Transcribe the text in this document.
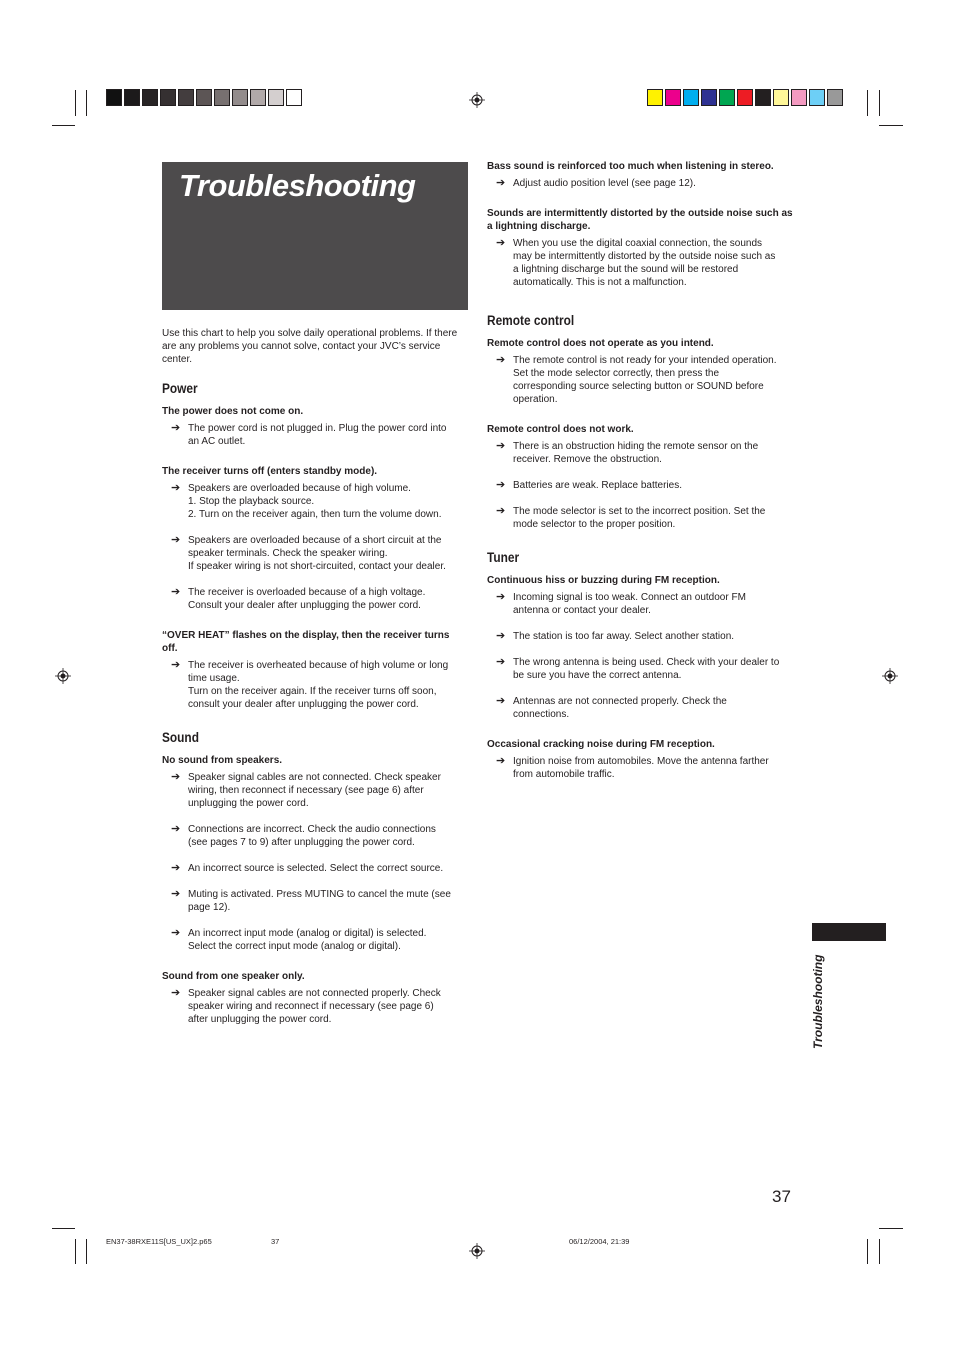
Troubleshooting

Use this chart to help you solve daily operational problems. If there are any problems you cannot solve, contact your JVC’s service center.

Power

The power does not come on.

➔ The power cord is not plugged in. Plug the power cord into
an AC outlet.

The receiver turns off (enters standby mode).

➔ Speakers are overloaded because of high volume.
1. Stop the playback source.
2. Turn on the receiver again, then turn the volume down.
➔ Speakers are overloaded because of a short circuit at the
speaker terminals. Check the speaker wiring.
If speaker wiring is not short-circuited, contact your dealer.
➔ The receiver is overloaded because of a high voltage.
Consult your dealer after unplugging the power cord.

“OVER HEAT” flashes on the display, then the receiver turns off.

➔ The receiver is overheated because of high volume or long
time usage.
Turn on the receiver again. If the receiver turns off soon,
consult your dealer after unplugging the power cord.
Sound

No sound from speakers.

➔ Speaker signal cables are not connected. Check speaker
wiring, then reconnect if necessary (see page 6) after
unplugging the power cord.
➔ Connections are incorrect. Check the audio connections
(see pages 7 to 9) after unplugging the power cord.
➔ An incorrect source is selected. Select the correct source.
➔ Muting is activated. Press MUTING to cancel the mute (see
page 12).
➔ An incorrect input mode (analog or digital) is selected.
Select the correct input mode (analog or digital).

Sound from one speaker only.

➔ Speaker signal cables are not connected properly. Check
speaker wiring and reconnect if necessary (see page 6)
after unplugging the power cord.

Bass sound is reinforced too much when listening in stereo.

➔ Adjust audio position level (see page 12).

Sounds are intermittently distorted by the outside noise such as a lightning discharge.

➔ When you use the digital coaxial connection, the sounds
may be intermittently distorted by the outside noise such as
a lightning discharge but the sound will be restored
automatically. This is not a malfunction.
Remote control

Remote control does not operate as you intend.

➔ The remote control is not ready for your intended operation.
Set the mode selector correctly, then press the
corresponding source selecting button or SOUND before
operation.

Remote control does not work.

➔ There is an obstruction hiding the remote sensor on the
receiver. Remove the obstruction.
➔ Batteries are weak. Replace batteries.
➔ The mode selector is set to the incorrect position. Set the
mode selector to the proper position.
Tuner

Continuous hiss or buzzing during FM reception.

➔ Incoming signal is too weak. Connect an outdoor FM
antenna or contact your dealer.
➔ The station is too far away. Select another station.
➔ The wrong antenna is being used. Check with your dealer to
be sure you have the correct antenna.
➔ Antennas are not connected properly. Check the
connections.

Occasional cracking noise during FM reception.

➔ Ignition noise from automobiles. Move the antenna farther
from automobile traffic.
Troubleshooting
37
EN37-38RXE11S[US_UX]2.p65	37	06/12/2004, 21:39
